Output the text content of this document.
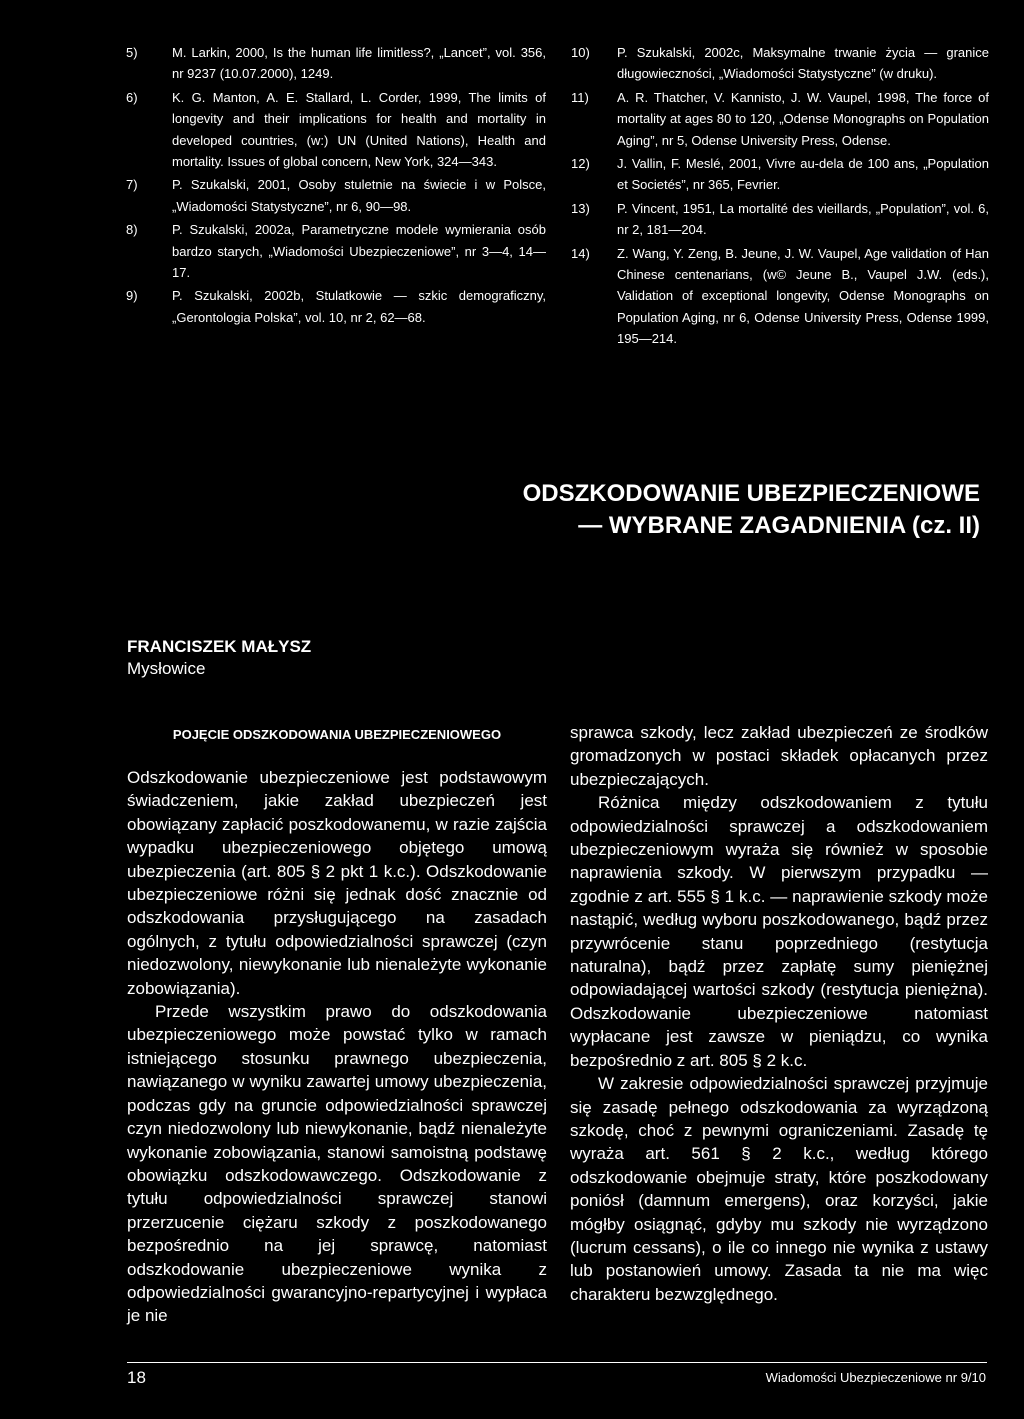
5)	M. Larkin, 2000, Is the human life limitless?, „Lancet”, vol. 356, nr 9237 (10.07.2000), 1249.
6)	K. G. Manton, A. E. Stallard, L. Corder, 1999, The limits of longevity and their implications for health and mortality in developed countries, (w:) UN (United Nations), Health and mortality. Issues of global concern, New York, 324—343.
7)	P. Szukalski, 2001, Osoby stuletnie na świecie i w Polsce, „Wiadomości Statystyczne”, nr 6, 90—98.
8)	P. Szukalski, 2002a, Parametryczne modele wymierania osób bardzo starych, „Wiadomości Ubezpieczeniowe”, nr 3—4, 14—17.
9)	P. Szukalski, 2002b, Stulatkowie — szkic demograficzny, „Gerontologia Polska”, vol. 10, nr 2, 62—68.
10) P. Szukalski, 2002c, Maksymalne trwanie życia — granice długowieczności, „Wiadomości Statystyczne” (w druku).
11) A. R. Thatcher, V. Kannisto, J. W. Vaupel, 1998, The force of mortality at ages 80 to 120, „Odense Monographs on Population Aging”, nr 5, Odense University Press, Odense.
12) J. Vallin, F. Meslé, 2001, Vivre au-dela de 100 ans, „Population et Societés”, nr 365, Fevrier.
13) P. Vincent, 1951, La mortalité des vieillards, „Population”, vol. 6, nr 2, 181—204.
14) Z. Wang, Y. Zeng, B. Jeune, J. W. Vaupel, Age validation of Han Chinese centenarians, (w© Jeune B., Vaupel J.W. (eds.), Validation of exceptional longevity, Odense Monographs on Population Aging, nr 6, Odense University Press, Odense 1999, 195—214.
ODSZKODOWANIE UBEZPIECZENIOWE
— WYBRANE ZAGADNIENIA (cz. II)
FRANCISZEK MAŁYSZ
Mysłowice
POJĘCIE ODSZKODOWANIA UBEZPIECZENIOWEGO

Odszkodowanie ubezpieczeniowe jest podstawowym świadczeniem, jakie zakład ubezpieczeń jest obowiązany zapłacić poszkodowanemu, w razie zajścia wypadku ubezpieczeniowego objętego umową ubezpieczenia (art. 805 § 2 pkt 1 k.c.). Odszkodowanie ubezpieczeniowe różni się jednak dość znacznie od odszkodowania przysługującego na zasadach ogólnych, z tytułu odpowiedzialności sprawczej (czyn niedozwolony, niewykonanie lub nienależyte wykonanie zobowiązania).

Przede wszystkim prawo do odszkodowania ubezpieczeniowego może powstać tylko w ramach istniejącego stosunku prawnego ubezpieczenia, nawiązanego w wyniku zawartej umowy ubezpieczenia, podczas gdy na gruncie odpowiedzialności sprawczej czyn niedozwolony lub niewykonanie, bądź nienależyte wykonanie zobowiązania, stanowi samoistną podstawę obowiązku odszkodowawczego. Odszkodowanie z tytułu odpowiedzialności sprawczej stanowi przerzucenie ciężaru szkody z poszkodowanego bezpośrednio na jej sprawcę, natomiast odszkodowanie ubezpieczeniowe wynika z odpowiedzialności gwarancyjno-repartycyjnej i wypłaca je nie

sprawca szkody, lecz zakład ubezpieczeń ze środków gromadzonych w postaci składek opłacanych przez ubezpieczających.

Różnica między odszkodowaniem z tytułu odpowiedzialności sprawczej a odszkodowaniem ubezpieczeniowym wyraża się również w sposobie naprawienia szkody. W pierwszym przypadku — zgodnie z art. 555 § 1 k.c. — naprawienie szkody może nastąpić, według wyboru poszkodowanego, bądź przez przywrócenie stanu poprzedniego (restytucja naturalna), bądź przez zapłatę sumy pieniężnej odpowiadającej wartości szkody (restytucja pieniężna). Odszkodowanie ubezpieczeniowe natomiast wypłacane jest zawsze w pieniądzu, co wynika bezpośrednio z art. 805 § 2 k.c.

W zakresie odpowiedzialności sprawczej przyjmuje się zasadę pełnego odszkodowania za wyrządzoną szkodę, choć z pewnymi ograniczeniami. Zasadę tę wyraża art. 561 § 2 k.c., według którego odszkodowanie obejmuje straty, które poszkodowany poniósł (damnum emergens), oraz korzyści, jakie mógłby osiągnąć, gdyby mu szkody nie wyrządzono (lucrum cessans), o ile co innego nie wynika z ustawy lub postanowień umowy. Zasada ta nie ma więc charakteru bezwzględnego.

18	Wiadomości Ubezpieczeniowe nr 9/10
